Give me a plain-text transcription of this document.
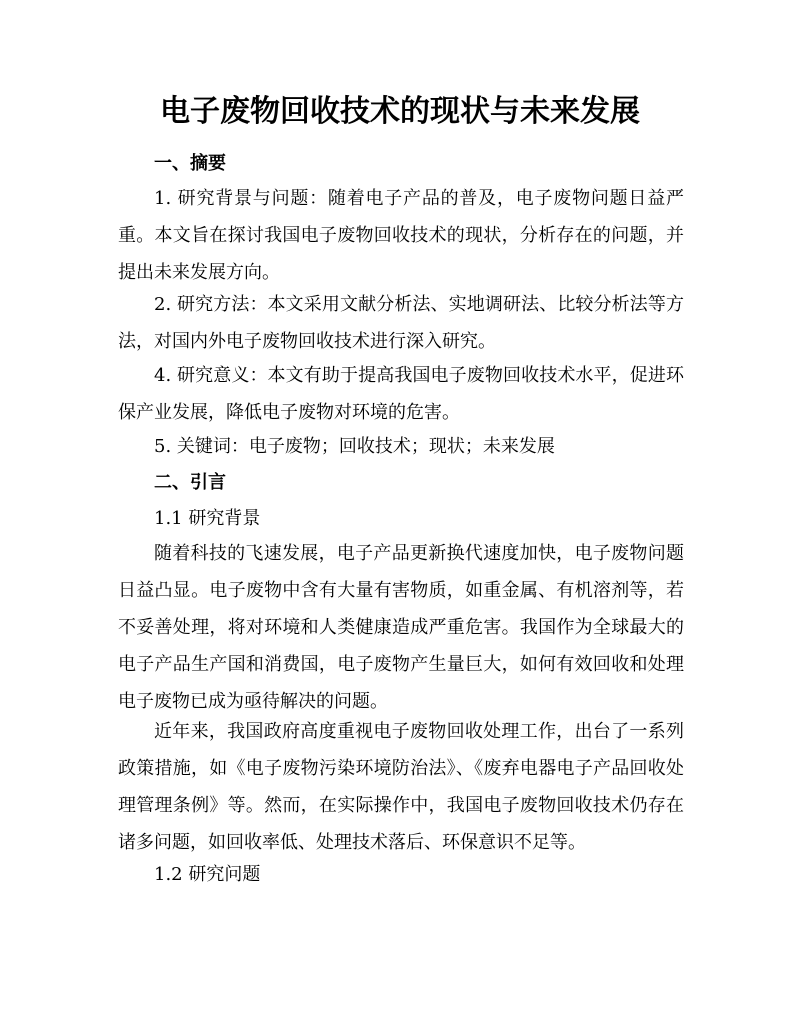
电子废物回收技术的现状与未来发展

一、摘要

1. 研究背景与问题：随着电子产品的普及，电子废物问题日益严重。本文旨在探讨我国电子废物回收技术的现状，分析存在的问题，并提出未来发展方向。

2. 研究方法：本文采用文献分析法、实地调研法、比较分析法等方法，对国内外电子废物回收技术进行深入研究。

4. 研究意义：本文有助于提高我国电子废物回收技术水平，促进环保产业发展，降低电子废物对环境的危害。

5. 关键词：电子废物；回收技术；现状；未来发展

二、引言

1.1 研究背景

随着科技的飞速发展，电子产品更新换代速度加快，电子废物问题日益凸显。电子废物中含有大量有害物质，如重金属、有机溶剂等，若不妥善处理，将对环境和人类健康造成严重危害。我国作为全球最大的电子产品生产国和消费国，电子废物产生量巨大，如何有效回收和处理电子废物已成为亟待解决的问题。

近年来，我国政府高度重视电子废物回收处理工作，出台了一系列政策措施，如《电子废物污染环境防治法》、《废弃电器电子产品回收处理管理条例》等。然而，在实际操作中，我国电子废物回收技术仍存在诸多问题，如回收率低、处理技术落后、环保意识不足等。

1.2 研究问题
